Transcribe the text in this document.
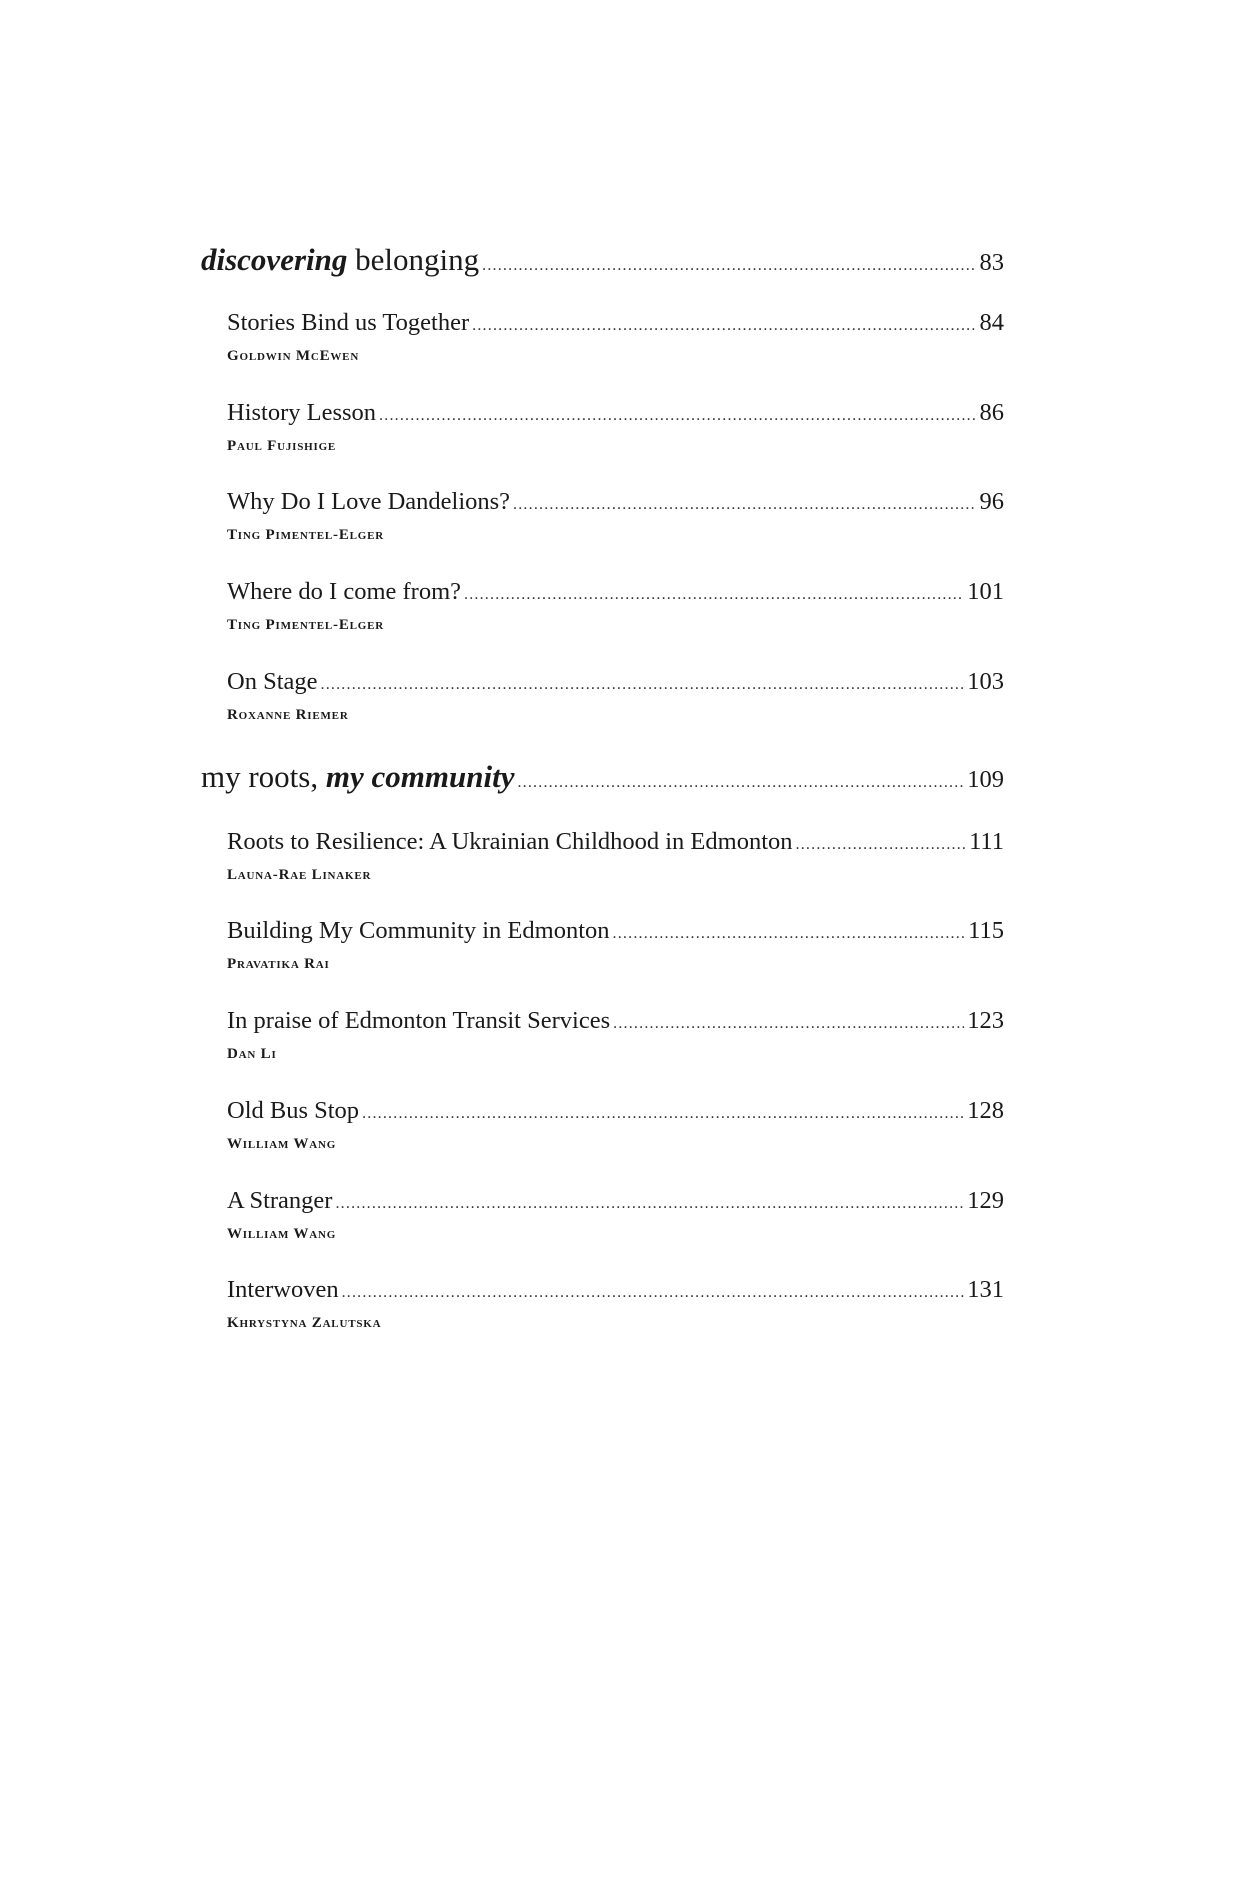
discovering belonging .....	83
Stories Bind us Together .....	84
Goldwin McEwen
History Lesson .....	86
Paul Fujishige
Why Do I Love Dandelions? .....	96
Ting Pimentel-Elger
Where do I come from? .....	101
Ting Pimentel-Elger
On Stage .....	103
Roxanne Riemer
my roots, my community .....	109
Roots to Resilience: A Ukrainian Childhood in Edmonton .....	111
Launa-Rae Linaker
Building My Community in Edmonton .....	115
Pravatika Rai
In praise of Edmonton Transit Services .....	123
Dan Li
Old Bus Stop .....	128
William Wang
A Stranger .....	129
William Wang
Interwoven .....	131
Khrystyna Zalutska
